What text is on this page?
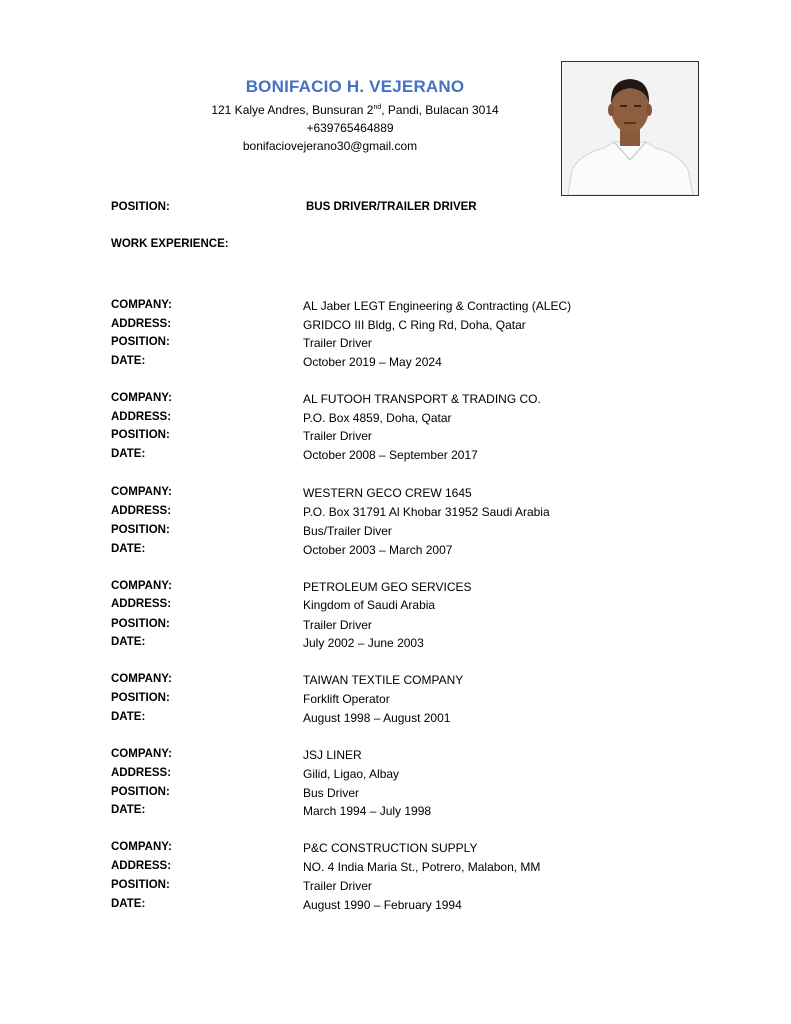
BONIFACIO H. VEJERANO
121 Kalye Andres, Bunsuran 2nd, Pandi, Bulacan 3014
+639765464889
bonifaciovejerano30@gmail.com
POSITION:	BUS DRIVER/TRAILER DRIVER
WORK EXPERIENCE:
COMPANY:	AL Jaber LEGT Engineering & Contracting (ALEC)
ADDRESS:	GRIDCO III Bldg, C Ring Rd, Doha, Qatar
POSITION:	Trailer Driver
DATE:	October 2019 – May 2024
COMPANY:	AL FUTOOH TRANSPORT & TRADING CO.
ADDRESS:	P.O. Box 4859, Doha, Qatar
POSITION:	Trailer Driver
DATE:	October 2008 – September 2017
COMPANY:	WESTERN GECO CREW 1645
ADDRESS:	P.O. Box 31791 Al Khobar 31952 Saudi Arabia
POSITION:	Bus/Trailer Diver
DATE:	October 2003 – March 2007
COMPANY:	PETROLEUM GEO SERVICES
ADDRESS:	Kingdom of Saudi Arabia
POSITION:	Trailer Driver
DATE:	July 2002 – June 2003
COMPANY:	TAIWAN TEXTILE COMPANY
POSITION:	Forklift Operator
DATE:	August 1998 – August 2001
COMPANY:	JSJ LINER
ADDRESS:	Gilid, Ligao, Albay
POSITION:	Bus Driver
DATE:	March 1994 – July 1998
COMPANY:	P&C CONSTRUCTION SUPPLY
ADDRESS:	NO. 4 India Maria St., Potrero, Malabon, MM
POSITION:	Trailer Driver
DATE:	August 1990 – February 1994
